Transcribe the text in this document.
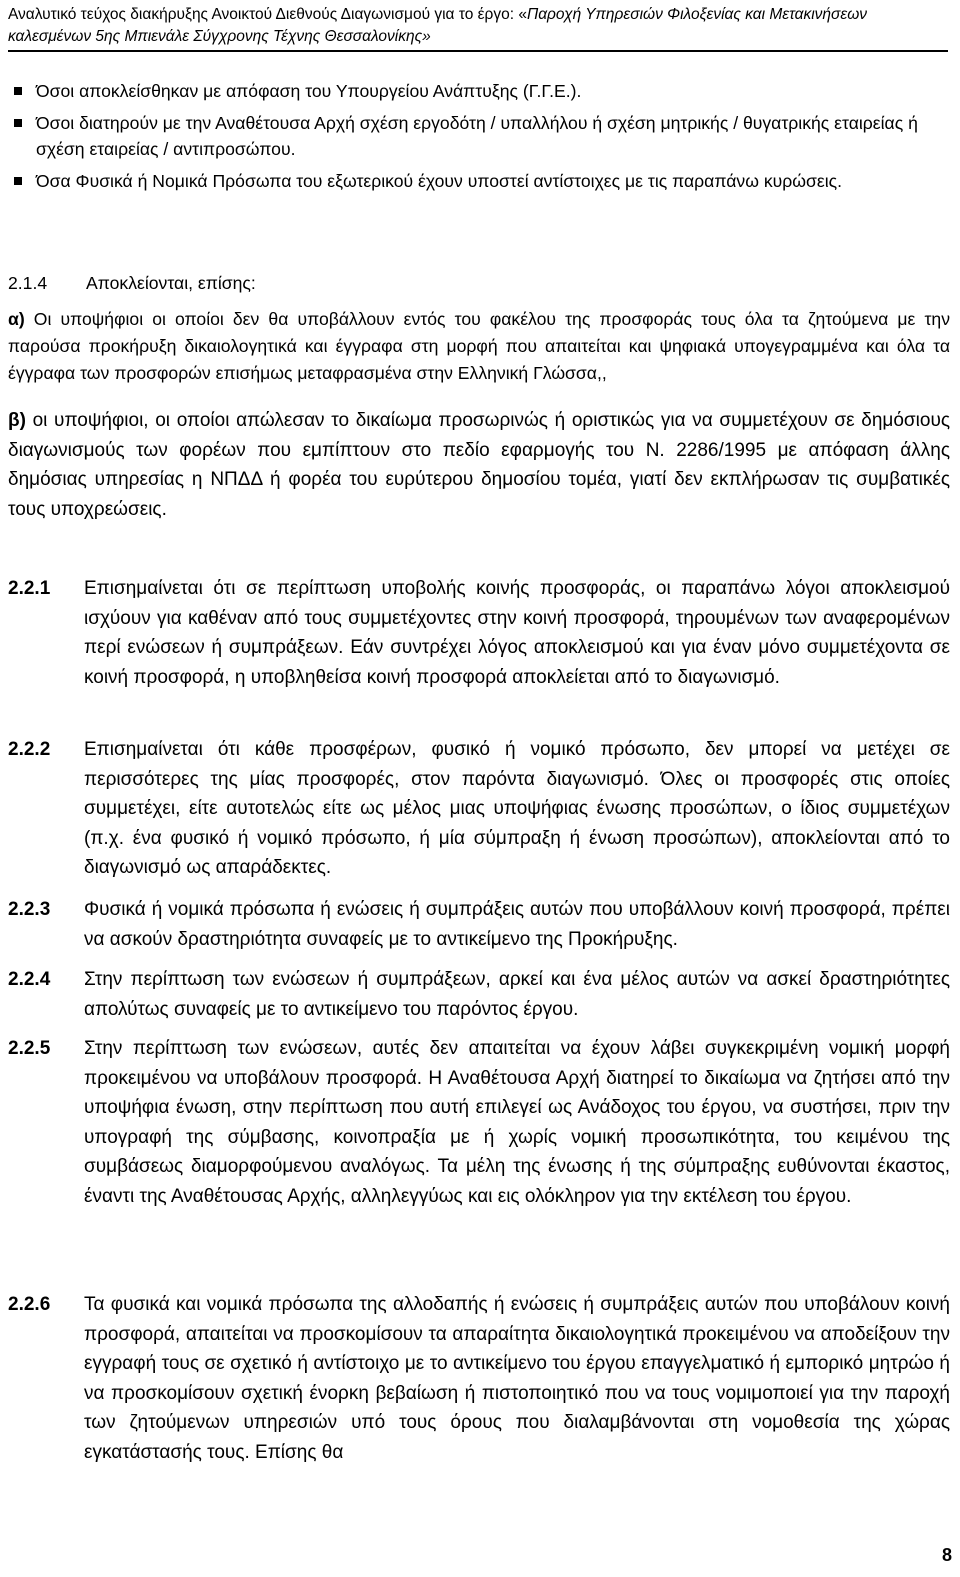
Αναλυτικό τεύχος διακήρυξης Ανοικτού Διεθνούς Διαγωνισμού για το έργο: «Παροχή Υπηρεσιών Φιλοξενίας και Μετακινήσεων
καλεσμένων 5ης Μπιενάλε Σύγχρονης Τέχνης Θεσσαλονίκης»
Όσοι αποκλείσθηκαν με απόφαση του Υπουργείου Ανάπτυξης (Γ.Γ.Ε.).
Όσοι διατηρούν με την Αναθέτουσα Αρχή σχέση εργοδότη / υπαλλήλου ή σχέση μητρικής / θυγατρικής εταιρείας ή σχέση εταιρείας / αντιπροσώπου.
Όσα Φυσικά ή Νομικά Πρόσωπα του εξωτερικού έχουν υποστεί αντίστοιχες με τις παραπάνω κυρώσεις.
2.1.4 Αποκλείονται, επίσης:
α) Οι υποψήφιοι οι οποίοι δεν θα υποβάλλουν εντός του φακέλου της προσφοράς τους όλα τα ζητούμενα με την παρούσα προκήρυξη δικαιολογητικά και έγγραφα στη μορφή που απαιτείται και ψηφιακά υπογεγραμμένα και όλα τα έγγραφα των προσφορών επισήμως μεταφρασμένα στην Ελληνική Γλώσσα,,
β) οι υποψήφιοι, οι οποίοι απώλεσαν το δικαίωμα προσωρινώς ή οριστικώς για να συμμετέχουν σε δημόσιους διαγωνισμούς των φορέων που εμπίπτουν στο πεδίο εφαρμογής του Ν. 2286/1995 με απόφαση άλλης δημόσιας υπηρεσίας η ΝΠΔΔ ή φορέα του ευρύτερου δημοσίου τομέα, γιατί δεν εκπλήρωσαν τις συμβατικές τους υποχρεώσεις.
2.2.1	Επισημαίνεται ότι σε περίπτωση υποβολής κοινής προσφοράς, οι παραπάνω λόγοι αποκλεισμού ισχύουν για καθέναν από τους συμμετέχοντες στην κοινή προσφορά, τηρουμένων των αναφερομένων περί ενώσεων ή συμπράξεων. Εάν συντρέχει λόγος αποκλεισμού και για έναν μόνο συμμετέχοντα σε κοινή προσφορά, η υποβληθείσα κοινή προσφορά αποκλείεται από το διαγωνισμό.
2.2.2	Επισημαίνεται ότι κάθε προσφέρων, φυσικό ή νομικό πρόσωπο, δεν μπορεί να μετέχει σε περισσότερες της μίας προσφορές, στον παρόντα διαγωνισμό. Όλες οι προσφορές στις οποίες συμμετέχει, είτε αυτοτελώς είτε ως μέλος μιας υποψήφιας ένωσης προσώπων, ο ίδιος συμμετέχων (π.χ. ένα φυσικό ή νομικό πρόσωπο, ή μία σύμπραξη ή ένωση προσώπων), αποκλείονται από το διαγωνισμό ως απαράδεκτες.
2.2.3	Φυσικά ή νομικά πρόσωπα ή ενώσεις ή συμπράξεις αυτών που υποβάλλουν κοινή προσφορά, πρέπει να ασκούν δραστηριότητα συναφείς με το αντικείμενο της Προκήρυξης.
2.2.4	Στην περίπτωση των ενώσεων ή συμπράξεων, αρκεί και ένα μέλος αυτών να ασκεί δραστηριότητες απολύτως συναφείς με το αντικείμενο του παρόντος έργου.
2.2.5	Στην περίπτωση των ενώσεων, αυτές δεν απαιτείται να έχουν λάβει συγκεκριμένη νομική μορφή προκειμένου να υποβάλουν προσφορά. Η Αναθέτουσα Αρχή διατηρεί το δικαίωμα να ζητήσει από την υποψήφια ένωση, στην περίπτωση που αυτή επιλεγεί ως Ανάδοχος του έργου, να συστήσει, πριν την υπογραφή της σύμβασης, κοινοπραξία με ή χωρίς νομική προσωπικότητα, του κειμένου της συμβάσεως διαμορφούμενου αναλόγως. Τα μέλη της ένωσης ή της σύμπραξης ευθύνονται έκαστος, έναντι της Αναθέτουσας Αρχής, αλληλεγγύως και εις ολόκληρον για την εκτέλεση του έργου.
2.2.6	Τα φυσικά και νομικά πρόσωπα της αλλοδαπής ή ενώσεις ή συμπράξεις αυτών που υποβάλουν κοινή προσφορά, απαιτείται να προσκομίσουν τα απαραίτητα δικαιολογητικά προκειμένου να αποδείξουν την εγγραφή τους σε σχετικό ή αντίστοιχο με το αντικείμενο του έργου επαγγελματικό ή εμπορικό μητρώο ή να προσκομίσουν σχετική ένορκη βεβαίωση ή πιστοποιητικό που να τους νομιμοποιεί για την παροχή των ζητούμενων υπηρεσιών υπό τους όρους που διαλαμβάνονται στη νομοθεσία της χώρας εγκατάστασής τους. Επίσης θα
8
